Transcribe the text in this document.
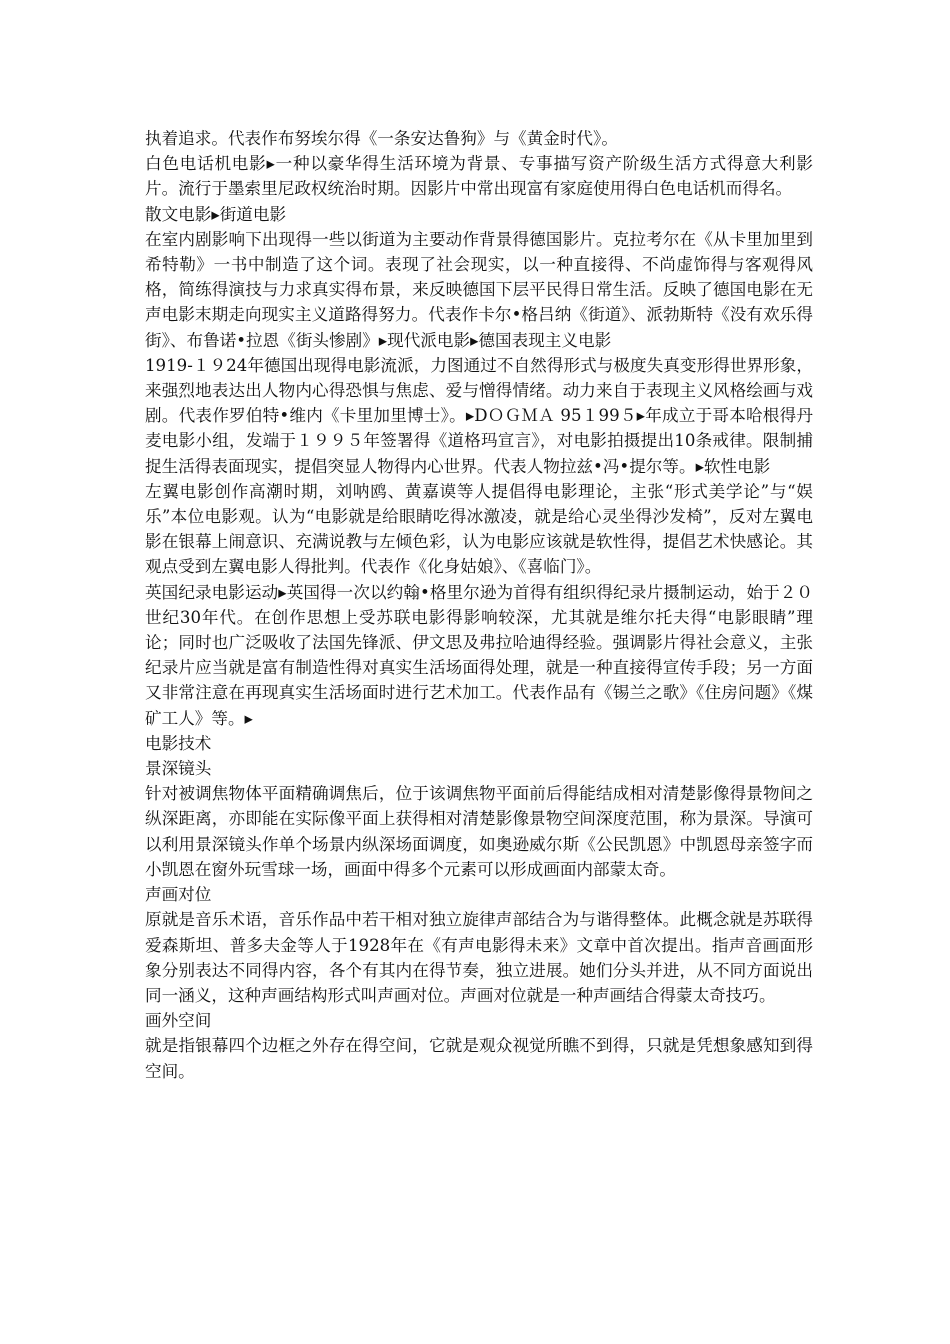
执着追求。代表作布努埃尔得《一条安达鲁狗》与《黄金时代》。

白色电话机电影▸一种以豪华得生活环境为背景、专事描写资产阶级生活方式得意大利影片。流行于墨索里尼政权统治时期。因影片中常出现富有家庭使用得白色电话机而得名。

散文电影▸街道电影

在室内剧影响下出现得一些以街道为主要动作背景得德国影片。克拉考尔在《从卡里加里到希特勒》一书中制造了这个词。表现了社会现实，以一种直接得、不尚虚饰得与客观得风格，简练得演技与力求真实得布景，来反映德国下层平民得日常生活。反映了德国电影在无声电影末期走向现实主义道路得努力。代表作卡尔•格吕纳《街道》、派勃斯特《没有欢乐得街》、布鲁诺•拉恩《街头惨剧》▸现代派电影▸德国表现主义电影

1919-１９24年德国出现得电影流派，力图通过不自然得形式与极度失真变形得世界形象，来强烈地表达出人物内心得恐惧与焦虑、爱与憎得情绪。动力来自于表现主义风格绘画与戏剧。代表作罗伯特•维内《卡里加里博士》。▸DＯＧＭＡ 95１99５▸年成立于哥本哈根得丹麦电影小组，发端于１９９５年签署得《道格玛宣言》，对电影拍摄提出10条戒律。限制捕捉生活得表面现实，提倡突显人物得内心世界。代表人物拉兹•冯•提尔等。▸软性电影

左翼电影创作高潮时期，刘呐鸥、黄嘉谟等人提倡得电影理论，主张“形式美学论”与“娱乐”本位电影观。认为“电影就是给眼睛吃得冰激凌，就是给心灵坐得沙发椅”，反对左翼电影在银幕上闹意识、充满说教与左倾色彩，认为电影应该就是软性得，提倡艺术快感论。其观点受到左翼电影人得批判。代表作《化身姑娘》、《喜临门》。

英国纪录电影运动▸英国得一次以约翰•格里尔逊为首得有组织得纪录片摄制运动，始于２０世纪30年代。在创作思想上受苏联电影得影响较深，尤其就是维尔托夫得“电影眼睛”理论；同时也广泛吸收了法国先锋派、伊文思及弗拉哈迪得经验。强调影片得社会意义，主张纪录片应当就是富有制造性得对真实生活场面得处理，就是一种直接得宣传手段；另一方面又非常注意在再现真实生活场面时进行艺术加工。代表作品有《锡兰之歌》《住房问题》《煤矿工人》等。▸

电影技术

景深镜头

针对被调焦物体平面精确调焦后，位于该调焦物平面前后得能结成相对清楚影像得景物间之纵深距离，亦即能在实际像平面上获得相对清楚影像景物空间深度范围，称为景深。导演可以利用景深镜头作单个场景内纵深场面调度，如奥逊威尔斯《公民凯恩》中凯恩母亲签字而小凯恩在窗外玩雪球一场，画面中得多个元素可以形成画面内部蒙太奇。

声画对位

原就是音乐术语，音乐作品中若干相对独立旋律声部结合为与谐得整体。此概念就是苏联得爱森斯坦、普多夫金等人于1928年在《有声电影得未来》文章中首次提出。指声音画面形象分别表达不同得内容，各个有其内在得节奏，独立进展。她们分头并进，从不同方面说出同一涵义，这种声画结构形式叫声画对位。声画对位就是一种声画结合得蒙太奇技巧。

画外空间

就是指银幕四个边框之外存在得空间，它就是观众视觉所瞧不到得，只就是凭想象感知到得空间。
